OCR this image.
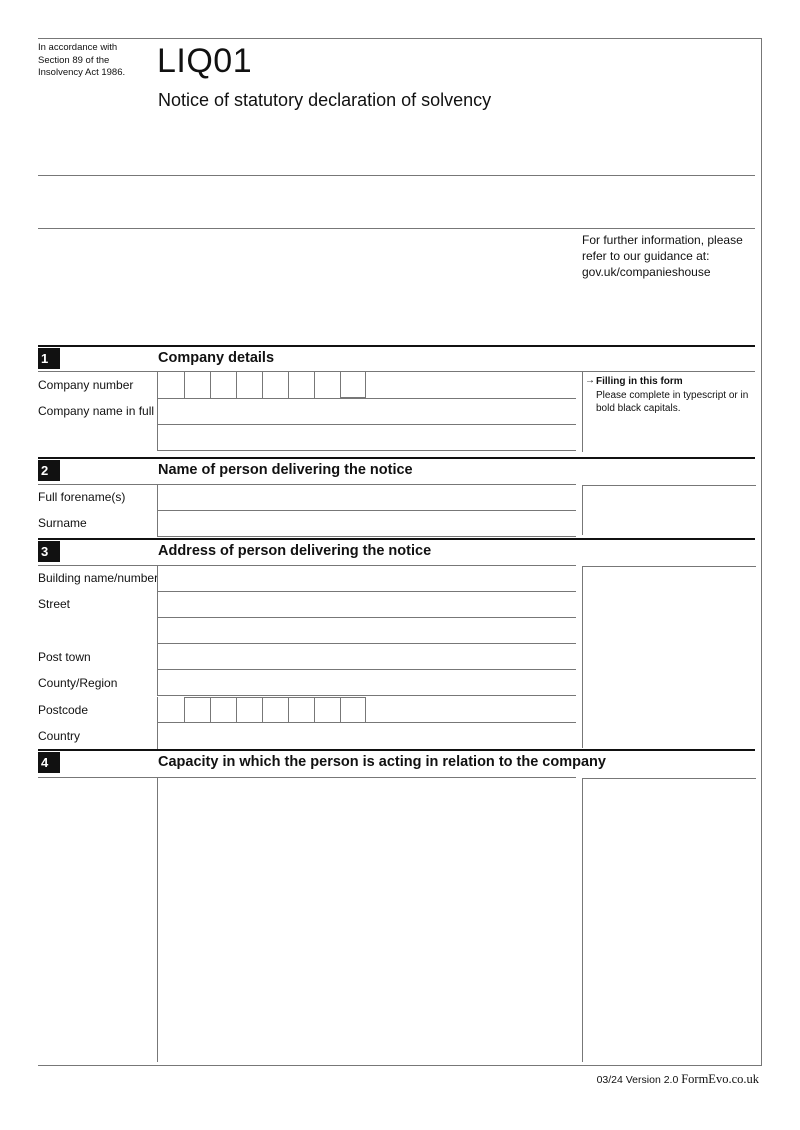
In accordance with Section 89 of the Insolvency Act 1986. LIQ01
Notice of statutory declaration of solvency
For further information, please refer to our guidance at: gov.uk/companieshouse
1	Company details
Company number
Company name in full
→ Filling in this form
Please complete in typescript or in bold black capitals.
2	Name of person delivering the notice
Full forename(s)
Surname
3	Address of person delivering the notice
Building name/number
Street
Post town
County/Region
Postcode
Country
4	Capacity in which the person is acting in relation to the company
03/24 Version 2.0 FormEvo.co.uk
